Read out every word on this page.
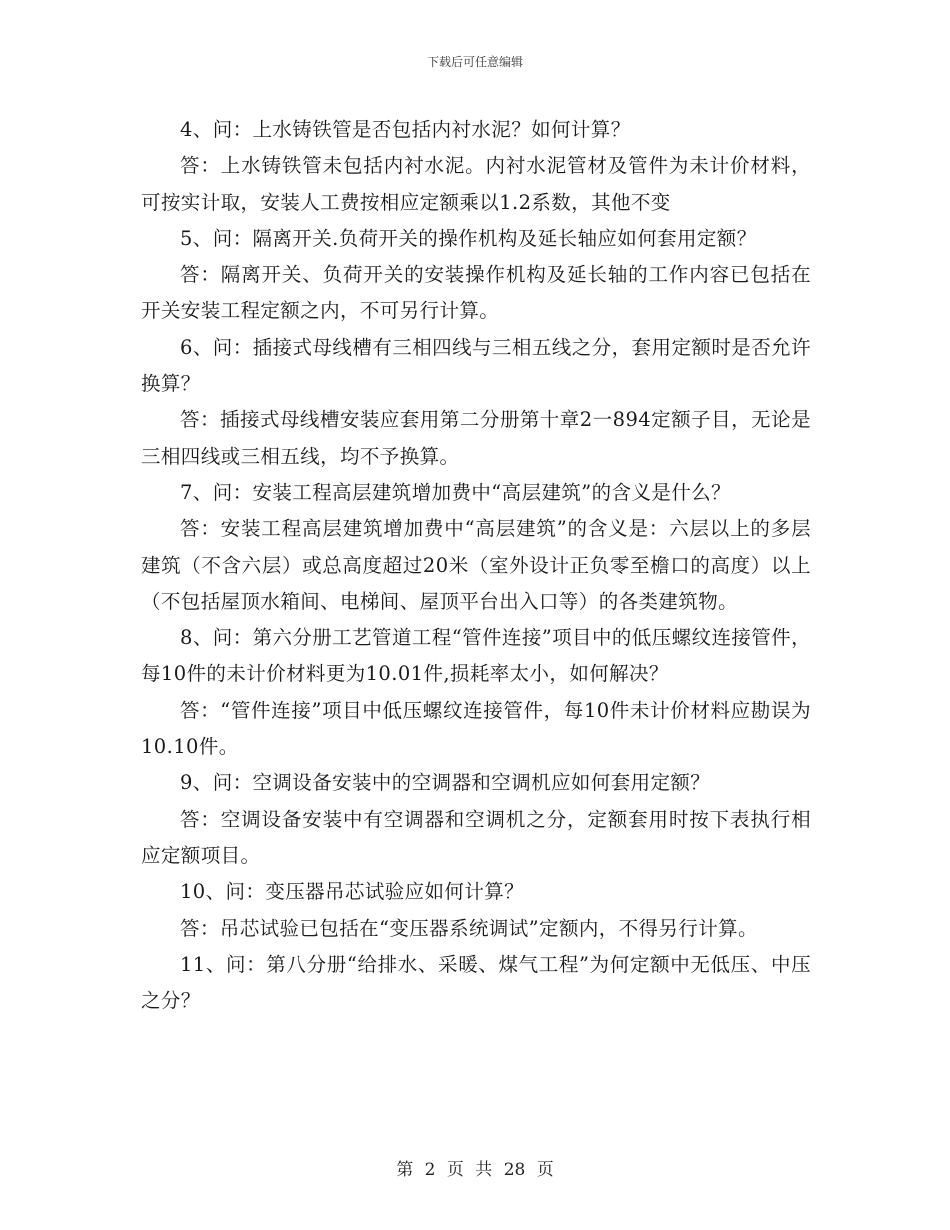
下载后可任意编辑

4、问：上水铸铁管是否包括内衬水泥？如何计算？

答：上水铸铁管未包括内衬水泥。内衬水泥管材及管件为未计价材料，可按实计取，安装人工费按相应定额乘以1.2系数，其他不变

5、问：隔离开关.负荷开关的操作机构及延长轴应如何套用定额？

答：隔离开关、负荷开关的安装操作机构及延长轴的工作内容已包括在开关安装工程定额之内，不可另行计算。

6、问：插接式母线槽有三相四线与三相五线之分，套用定额时是否允许换算？

答：插接式母线槽安装应套用第二分册第十章2一894定额子目，无论是三相四线或三相五线，均不予换算。

7、问：安装工程高层建筑增加费中“高层建筑”的含义是什么？

答：安装工程高层建筑增加费中“高层建筑”的含义是：六层以上的多层建筑（不含六层）或总高度超过20米（室外设计正负零至檐口的高度）以上（不包括屋顶水箱间、电梯间、屋顶平台出入口等）的各类建筑物。

8、问：第六分册工艺管道工程“管件连接”项目中的低压螺纹连接管件，每10件的未计价材料更为10.01件,损耗率太小，如何解决？

答：“管件连接”项目中低压螺纹连接管件，每10件未计价材料应勘误为10.10件。

9、问：空调设备安装中的空调器和空调机应如何套用定额？

答：空调设备安装中有空调器和空调机之分，定额套用时按下表执行相应定额项目。

10、问：变压器吊芯试验应如何计算？

答：吊芯试验已包括在“变压器系统调试”定额内，不得另行计算。

11、问：第八分册“给排水、采暖、煤气工程”为何定额中无低压、中压之分？

第 2 页 共 28 页
